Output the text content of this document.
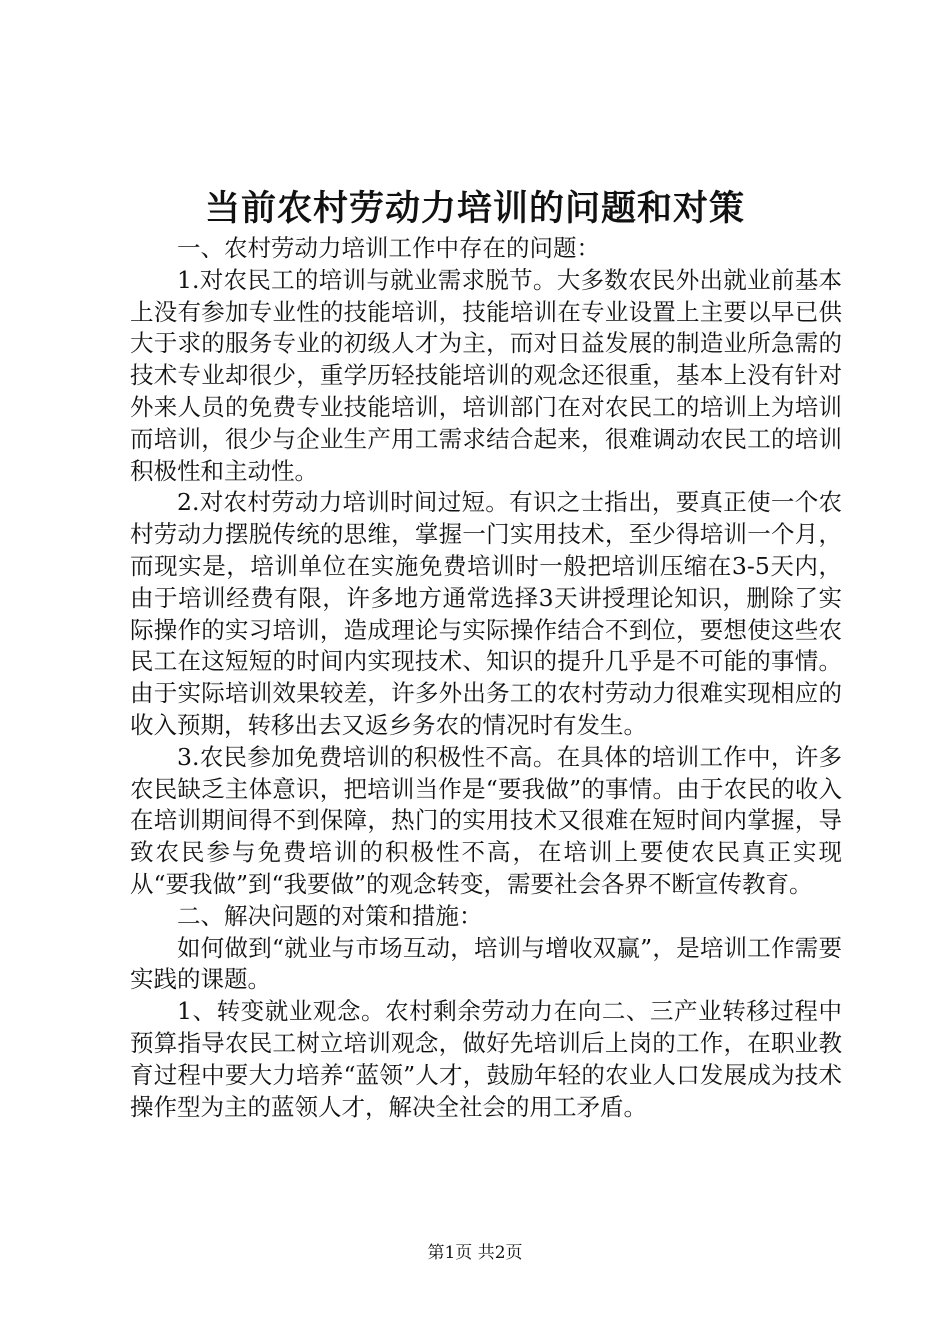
当前农村劳动力培训的问题和对策

一、农村劳动力培训工作中存在的问题：

1.对农民工的培训与就业需求脱节。大多数农民外出就业前基本上没有参加专业性的技能培训，技能培训在专业设置上主要以早已供大于求的服务专业的初级人才为主，而对日益发展的制造业所急需的技术专业却很少，重学历轻技能培训的观念还很重，基本上没有针对外来人员的免费专业技能培训，培训部门在对农民工的培训上为培训而培训，很少与企业生产用工需求结合起来，很难调动农民工的培训积极性和主动性。

2.对农村劳动力培训时间过短。有识之士指出，要真正使一个农村劳动力摆脱传统的思维，掌握一门实用技术，至少得培训一个月，而现实是，培训单位在实施免费培训时一般把培训压缩在3-5天内，由于培训经费有限，许多地方通常选择3天讲授理论知识，删除了实际操作的实习培训，造成理论与实际操作结合不到位，要想使这些农民工在这短短的时间内实现技术、知识的提升几乎是不可能的事情。由于实际培训效果较差，许多外出务工的农村劳动力很难实现相应的收入预期，转移出去又返乡务农的情况时有发生。

3.农民参加免费培训的积极性不高。在具体的培训工作中，许多农民缺乏主体意识，把培训当作是“要我做”的事情。由于农民的收入在培训期间得不到保障，热门的实用技术又很难在短时间内掌握，导致农民参与免费培训的积极性不高，在培训上要使农民真正实现从“要我做”到“我要做”的观念转变，需要社会各界不断宣传教育。

二、解决问题的对策和措施：

如何做到“就业与市场互动，培训与增收双赢”，是培训工作需要实践的课题。

1、转变就业观念。农村剩余劳动力在向二、三产业转移过程中预算指导农民工树立培训观念，做好先培训后上岗的工作，在职业教育过程中要大力培养“蓝领”人才，鼓励年轻的农业人口发展成为技术操作型为主的蓝领人才，解决全社会的用工矛盾。

第1页 共2页
